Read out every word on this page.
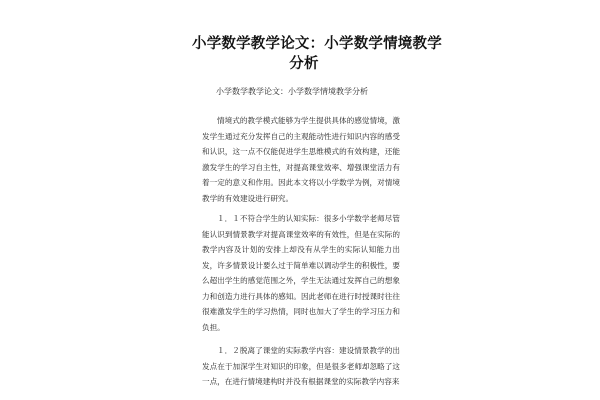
小学数学教学论文：小学数学情境教学
分析
小学数学教学论文：小学数学情境教学分析

情境式的教学模式能够为学生提供具体的感觉情境，激发学生通过充分发挥自己的主观能动性进行知识内容的感受和认识，这一点不仅能促进学生思维模式的有效构建，还能激发学生的学习自主性，对提高课堂效率、增强课堂活力有着一定的意义和作用。因此本文将以小学数学为例，对情境教学的有效建设进行研究。

１．１不符合学生的认知实际：很多小学数学老师尽管能认识到情景教学对提高课堂效率的有效性，但是在实际的教学内容及计划的安排上却没有从学生的实际认知能力出发，许多情景设计要么过于简单难以调动学生的积极性，要么超出学生的感觉范围之外，学生无法通过发挥自己的想象力和创造力进行具体的感知。因此老师在进行时授课时往往很难激发学生的学习热情，同时也加大了学生的学习压力和负担。

１．２脱离了课堂的实际教学内容：建设情景教学的出发点在于加深学生对知识的印象，但是很多老师却忽略了这一点，在进行情境建构时并没有根据课堂的实际教学内容来
